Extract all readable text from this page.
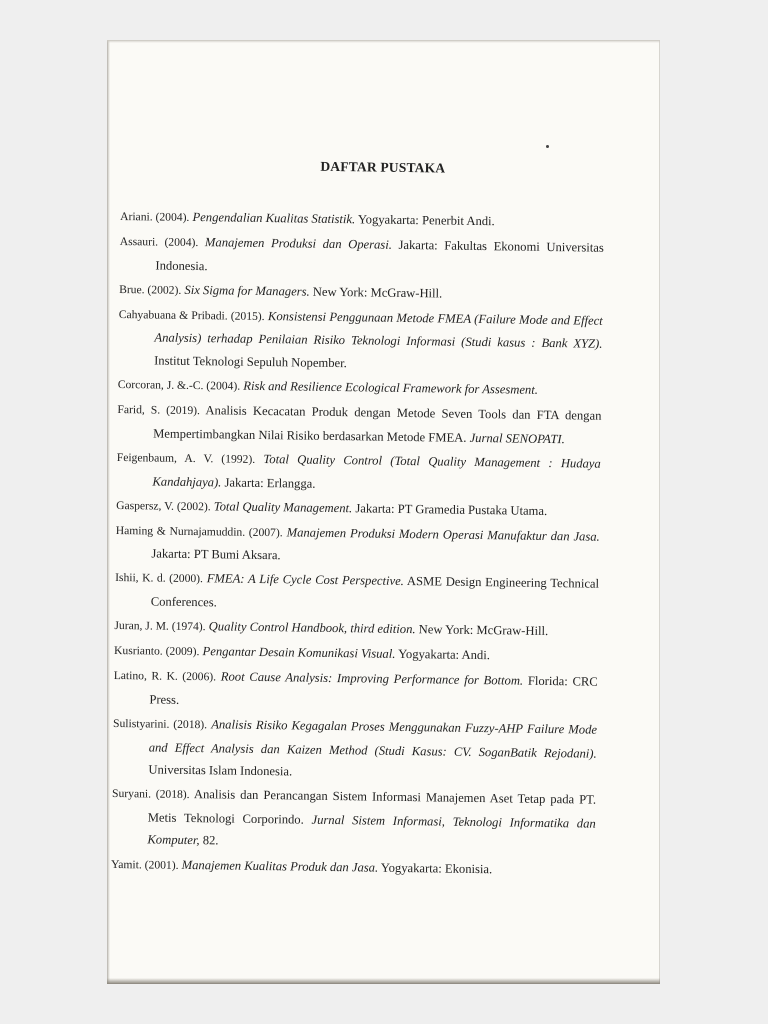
DAFTAR PUSTAKA
Ariani. (2004). Pengendalian Kualitas Statistik. Yogyakarta: Penerbit Andi.
Assauri. (2004). Manajemen Produksi dan Operasi. Jakarta: Fakultas Ekonomi Universitas Indonesia.
Brue. (2002). Six Sigma for Managers. New York: McGraw-Hill.
Cahyabuana & Pribadi. (2015). Konsistensi Penggunaan Metode FMEA (Failure Mode and Effect Analysis) terhadap Penilaian Risiko Teknologi Informasi (Studi kasus : Bank XYZ). Institut Teknologi Sepuluh Nopember.
Corcoran, J. &.-C. (2004). Risk and Resilience Ecological Framework for Assesment.
Farid, S. (2019). Analisis Kecacatan Produk dengan Metode Seven Tools dan FTA dengan Mempertimbangkan Nilai Risiko berdasarkan Metode FMEA. Jurnal SENOPATI.
Feigenbaum, A. V. (1992). Total Quality Control (Total Quality Management : Hudaya Kandahjaya). Jakarta: Erlangga.
Gaspersz, V. (2002). Total Quality Management. Jakarta: PT Gramedia Pustaka Utama.
Haming & Nurnajamuddin. (2007). Manajemen Produksi Modern Operasi Manufaktur dan Jasa. Jakarta: PT Bumi Aksara.
Ishii, K. d. (2000). FMEA: A Life Cycle Cost Perspective. ASME Design Engineering Technical Conferences.
Juran, J. M. (1974). Quality Control Handbook, third edition. New York: McGraw-Hill.
Kusrianto. (2009). Pengantar Desain Komunikasi Visual. Yogyakarta: Andi.
Latino, R. K. (2006). Root Cause Analysis: Improving Performance for Bottom. Florida: CRC Press.
Sulistyarini. (2018). Analisis Risiko Kegagalan Proses Menggunakan Fuzzy-AHP Failure Mode and Effect Analysis dan Kaizen Method (Studi Kasus: CV. SoganBatik Rejodani). Universitas Islam Indonesia.
Suryani. (2018). Analisis dan Perancangan Sistem Informasi Manajemen Aset Tetap pada PT. Metis Teknologi Corporindo. Jurnal Sistem Informasi, Teknologi Informatika dan Komputer, 82.
Yamit. (2001). Manajemen Kualitas Produk dan Jasa. Yogyakarta: Ekonisia.
